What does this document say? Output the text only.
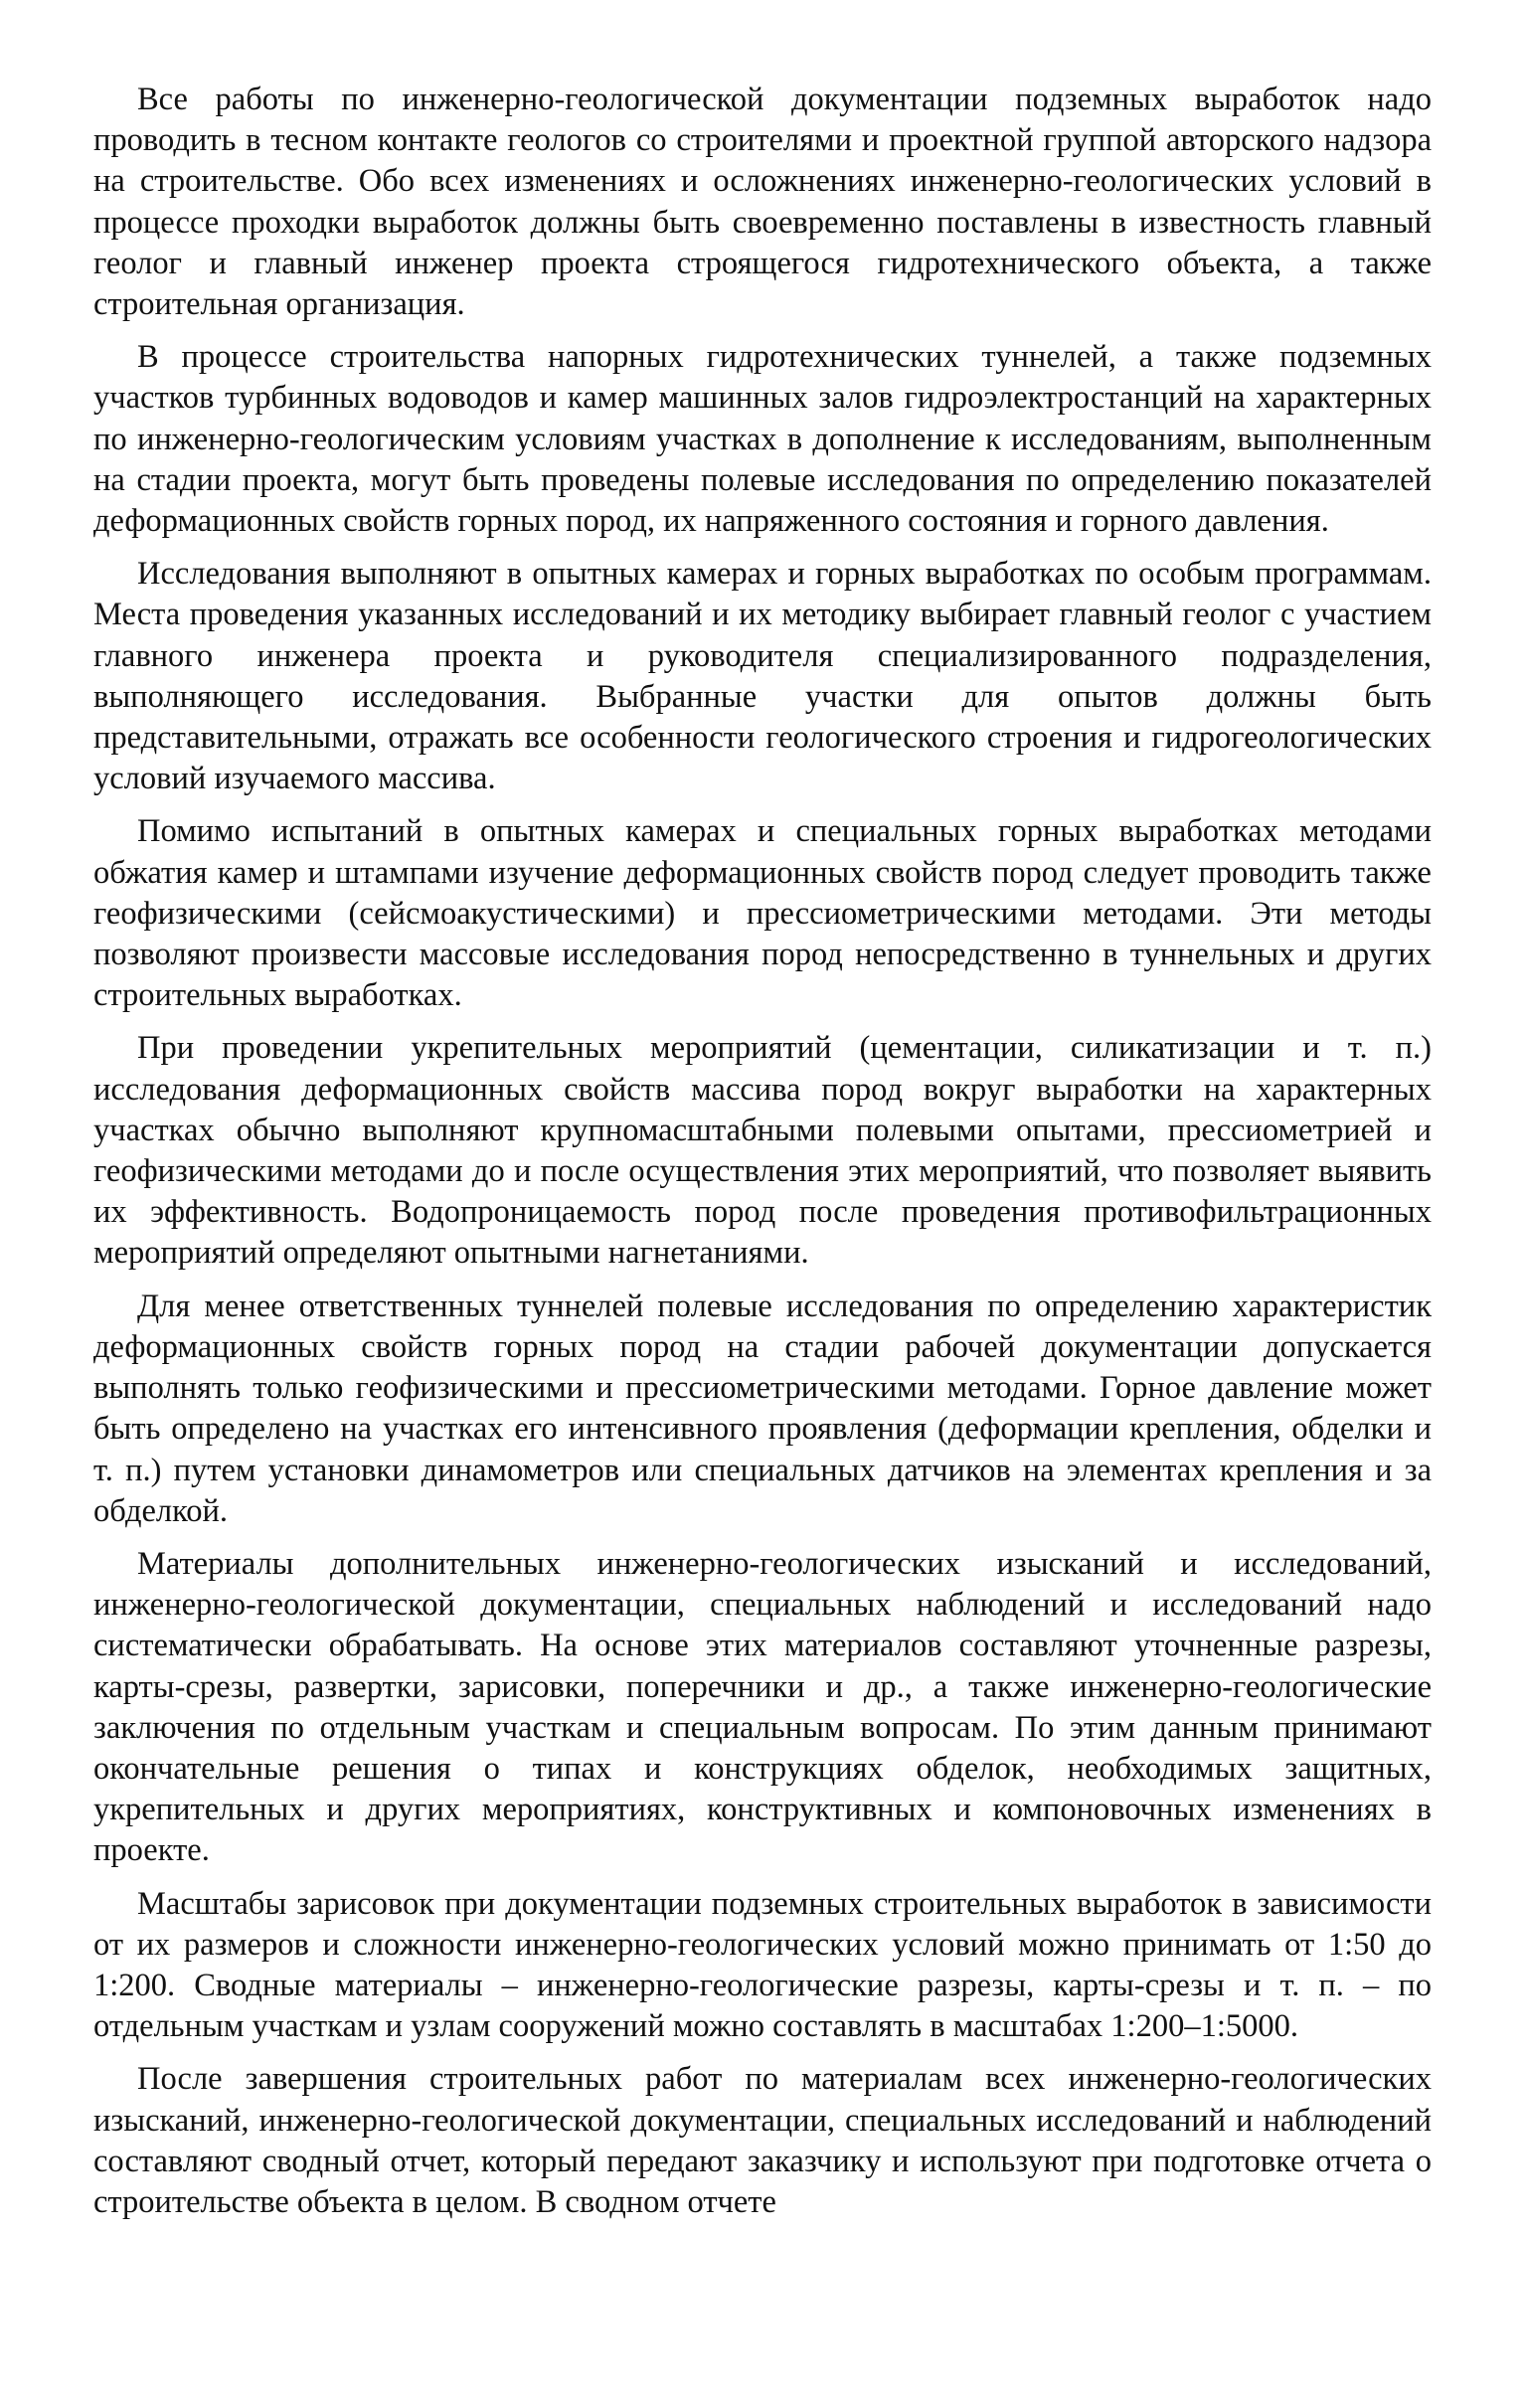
Все работы по инженерно-геологической документации подземных выработок надо проводить в тесном контакте геологов со строителями и проектной группой авторского надзора на строительстве. Обо всех изменениях и осложнениях инженерно-геологических условий в процессе проходки выработок должны быть своевременно поставлены в известность главный геолог и главный инженер проекта строящегося гидротехнического объекта, а также строительная организация.

В процессе строительства напорных гидротехнических туннелей, а также подземных участков турбинных водоводов и камер машинных залов гидроэлектростанций на характерных по инженерно-геологическим условиям участках в дополнение к исследованиям, выполненным на стадии проекта, могут быть проведены полевые исследования по определению показателей деформационных свойств горных пород, их напряженного состояния и горного давления.

Исследования выполняют в опытных камерах и горных выработках по особым программам. Места проведения указанных исследований и их методику выбирает главный геолог с участием главного инженера проекта и руководителя специализированного подразделения, выполняющего исследования. Выбранные участки для опытов должны быть представительными, отражать все особенности геологического строения и гидрогеологических условий изучаемого массива.

Помимо испытаний в опытных камерах и специальных горных выработках методами обжатия камер и штампами изучение деформационных свойств пород следует проводить также геофизическими (сейсмоакустическими) и прессиометрическими методами. Эти методы позволяют произвести массовые исследования пород непосредственно в туннельных и других строительных выработках.

При проведении укрепительных мероприятий (цементации, силикатизации и т. п.) исследования деформационных свойств массива пород вокруг выработки на характерных участках обычно выполняют крупномасштабными полевыми опытами, прессиометрией и геофизическими методами до и после осуществления этих мероприятий, что позволяет выявить их эффективность. Водопроницаемость пород после проведения противофильтрационных мероприятий определяют опытными нагнетаниями.

Для менее ответственных туннелей полевые исследования по определению характеристик деформационных свойств горных пород на стадии рабочей документации допускается выполнять только геофизическими и прессиометрическими методами. Горное давление может быть определено на участках его интенсивного проявления (деформации крепления, обделки и т. п.) путем установки динамометров или специальных датчиков на элементах крепления и за обделкой.

Материалы дополнительных инженерно-геологических изысканий и исследований, инженерно-геологической документации, специальных наблюдений и исследований надо систематически обрабатывать. На основе этих материалов составляют уточненные разрезы, карты-срезы, развертки, зарисовки, поперечники и др., а также инженерно-геологические заключения по отдельным участкам и специальным вопросам. По этим данным принимают окончательные решения о типах и конструкциях обделок, необходимых защитных, укрепительных и других мероприятиях, конструктивных и компоновочных изменениях в проекте.

Масштабы зарисовок при документации подземных строительных выработок в зависимости от их размеров и сложности инженерно-геологических условий можно принимать от 1:50 до 1:200. Сводные материалы – инженерно-геологические разрезы, карты-срезы и т. п. – по отдельным участкам и узлам сооружений можно составлять в масштабах 1:200–1:5000.

После завершения строительных работ по материалам всех инженерно-геологических изысканий, инженерно-геологической документации, специальных исследований и наблюдений составляют сводный отчет, который передают заказчику и используют при подготовке отчета о строительстве объекта в целом. В сводном отчете
